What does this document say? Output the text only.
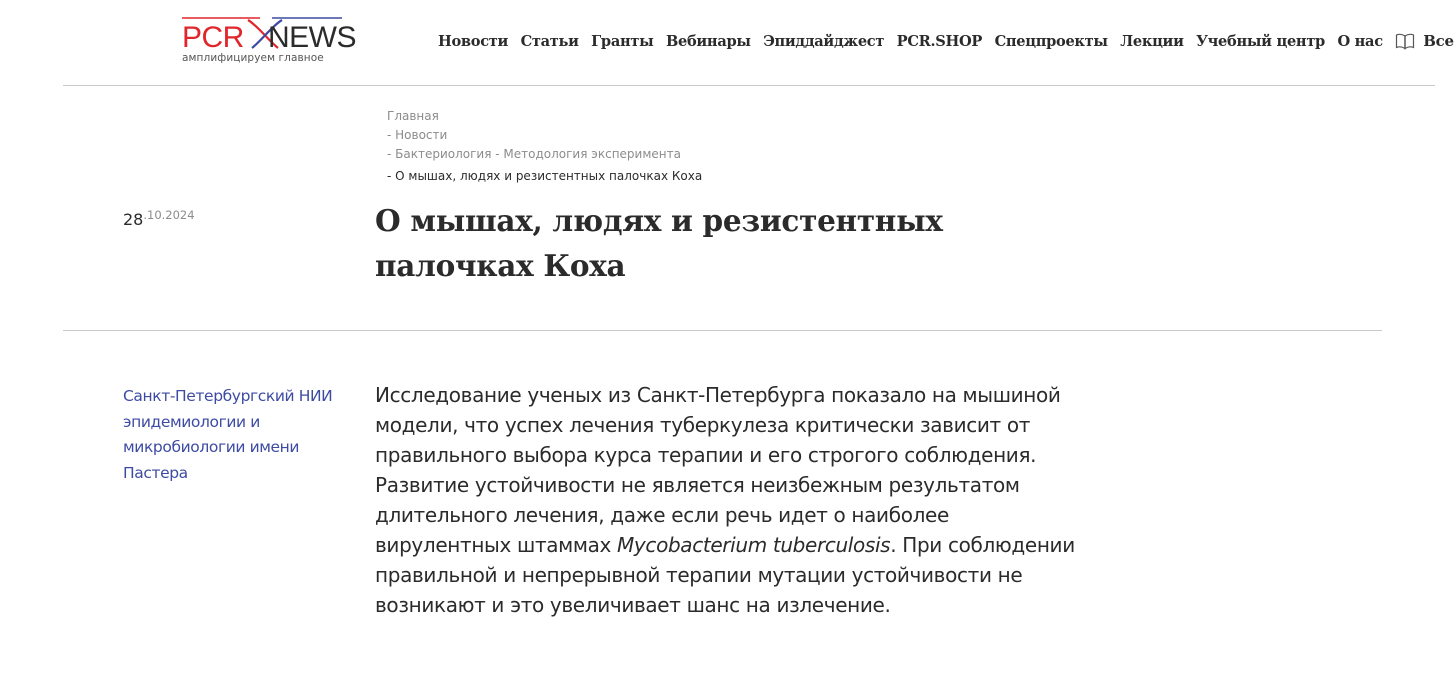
PCR NEWS
амплифицируем главное
Новости Статьи Гранты Вебинары Эпиддайджест PCR.SHOP Спецпроекты Лекции Учебный центр О нас	Все
Главная
- Новости
- Бактериология - Методология эксперимента
- О мышах, людях и резистентных палочках Коха
$28^{.10.2024}$	О мышах, людях и резистентных палочках Коха
Санкт-Петербургский НИИ эпидемиологии и микробиологии имени Пастера

Исследование ученых из Санкт-Петербурга показало на мышиной модели, что успех лечения туберкулеза критически зависит от правильного выбора курса терапии и его строгого соблюдения. Развитие устойчивости не является неизбежным результатом длительного лечения, даже если речь идет о наиболее вирулентных штаммах Mycobacterium tuberculosis. При соблюдении правильной и непрерывной терапии мутации устойчивости не возникают и это увеличивает шанс на излечение.
